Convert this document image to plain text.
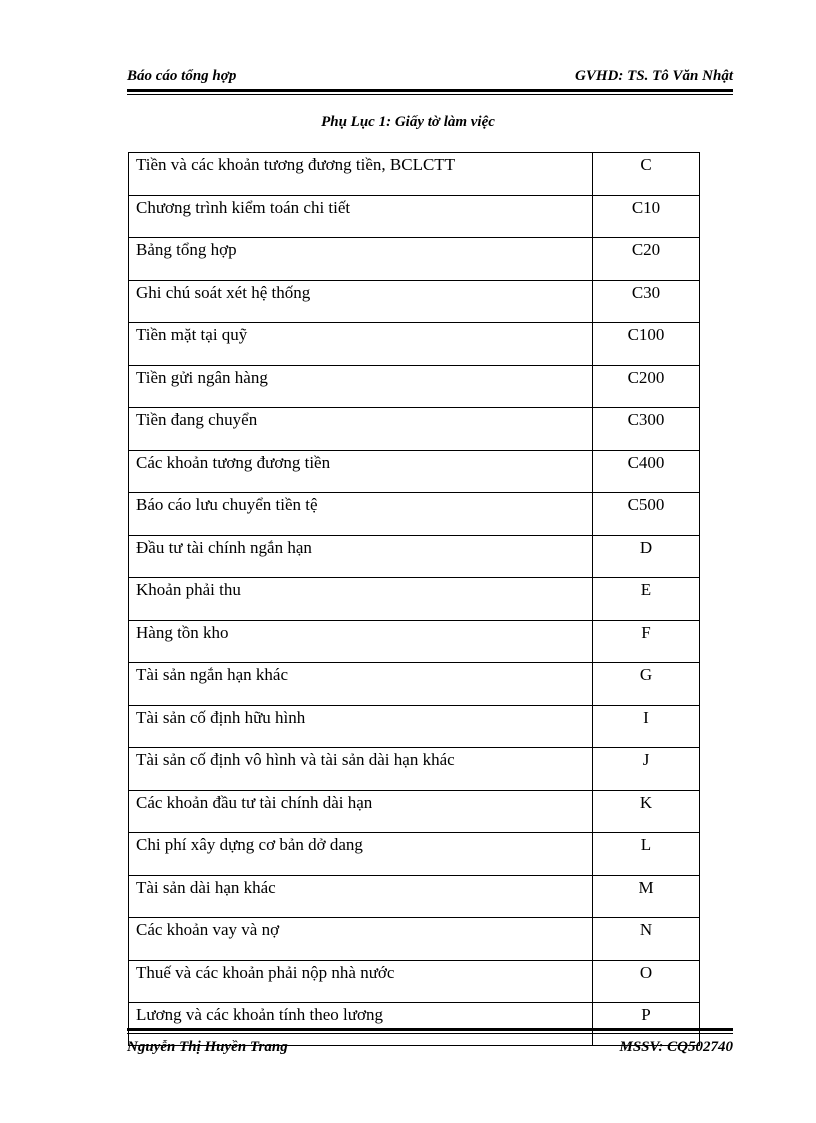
Báo cáo tổng hợp	GVHD: TS. Tô Văn Nhật
Phụ Lục 1: Giấy tờ làm việc
Tiền và các khoản tương đương tiền, BCLCTT	C
Chương trình kiểm toán chi tiết	C10
Bảng tổng hợp	C20
Ghi chú soát xét hệ thống	C30
Tiền mặt tại quỹ	C100
Tiền gửi ngân hàng	C200
Tiền đang chuyển	C300
Các khoản tương đương tiền	C400
Báo cáo lưu chuyển tiền tệ	C500
Đầu tư tài chính ngắn hạn	D
Khoản phải thu	E
Hàng tồn kho	F
Tài sản ngắn hạn khác	G
Tài sản cố định hữu hình	I
Tài sản cố định vô hình và tài sản dài hạn khác	J
Các khoản đầu tư tài chính dài hạn	K
Chi phí xây dựng cơ bản dở dang	L
Tài sản dài hạn khác	M
Các khoản vay và nợ	N
Thuế và các khoản phải nộp nhà nước	O
Lương và các khoản tính theo lương	P
Nguyễn Thị Huyền Trang	MSSV: CQ502740
